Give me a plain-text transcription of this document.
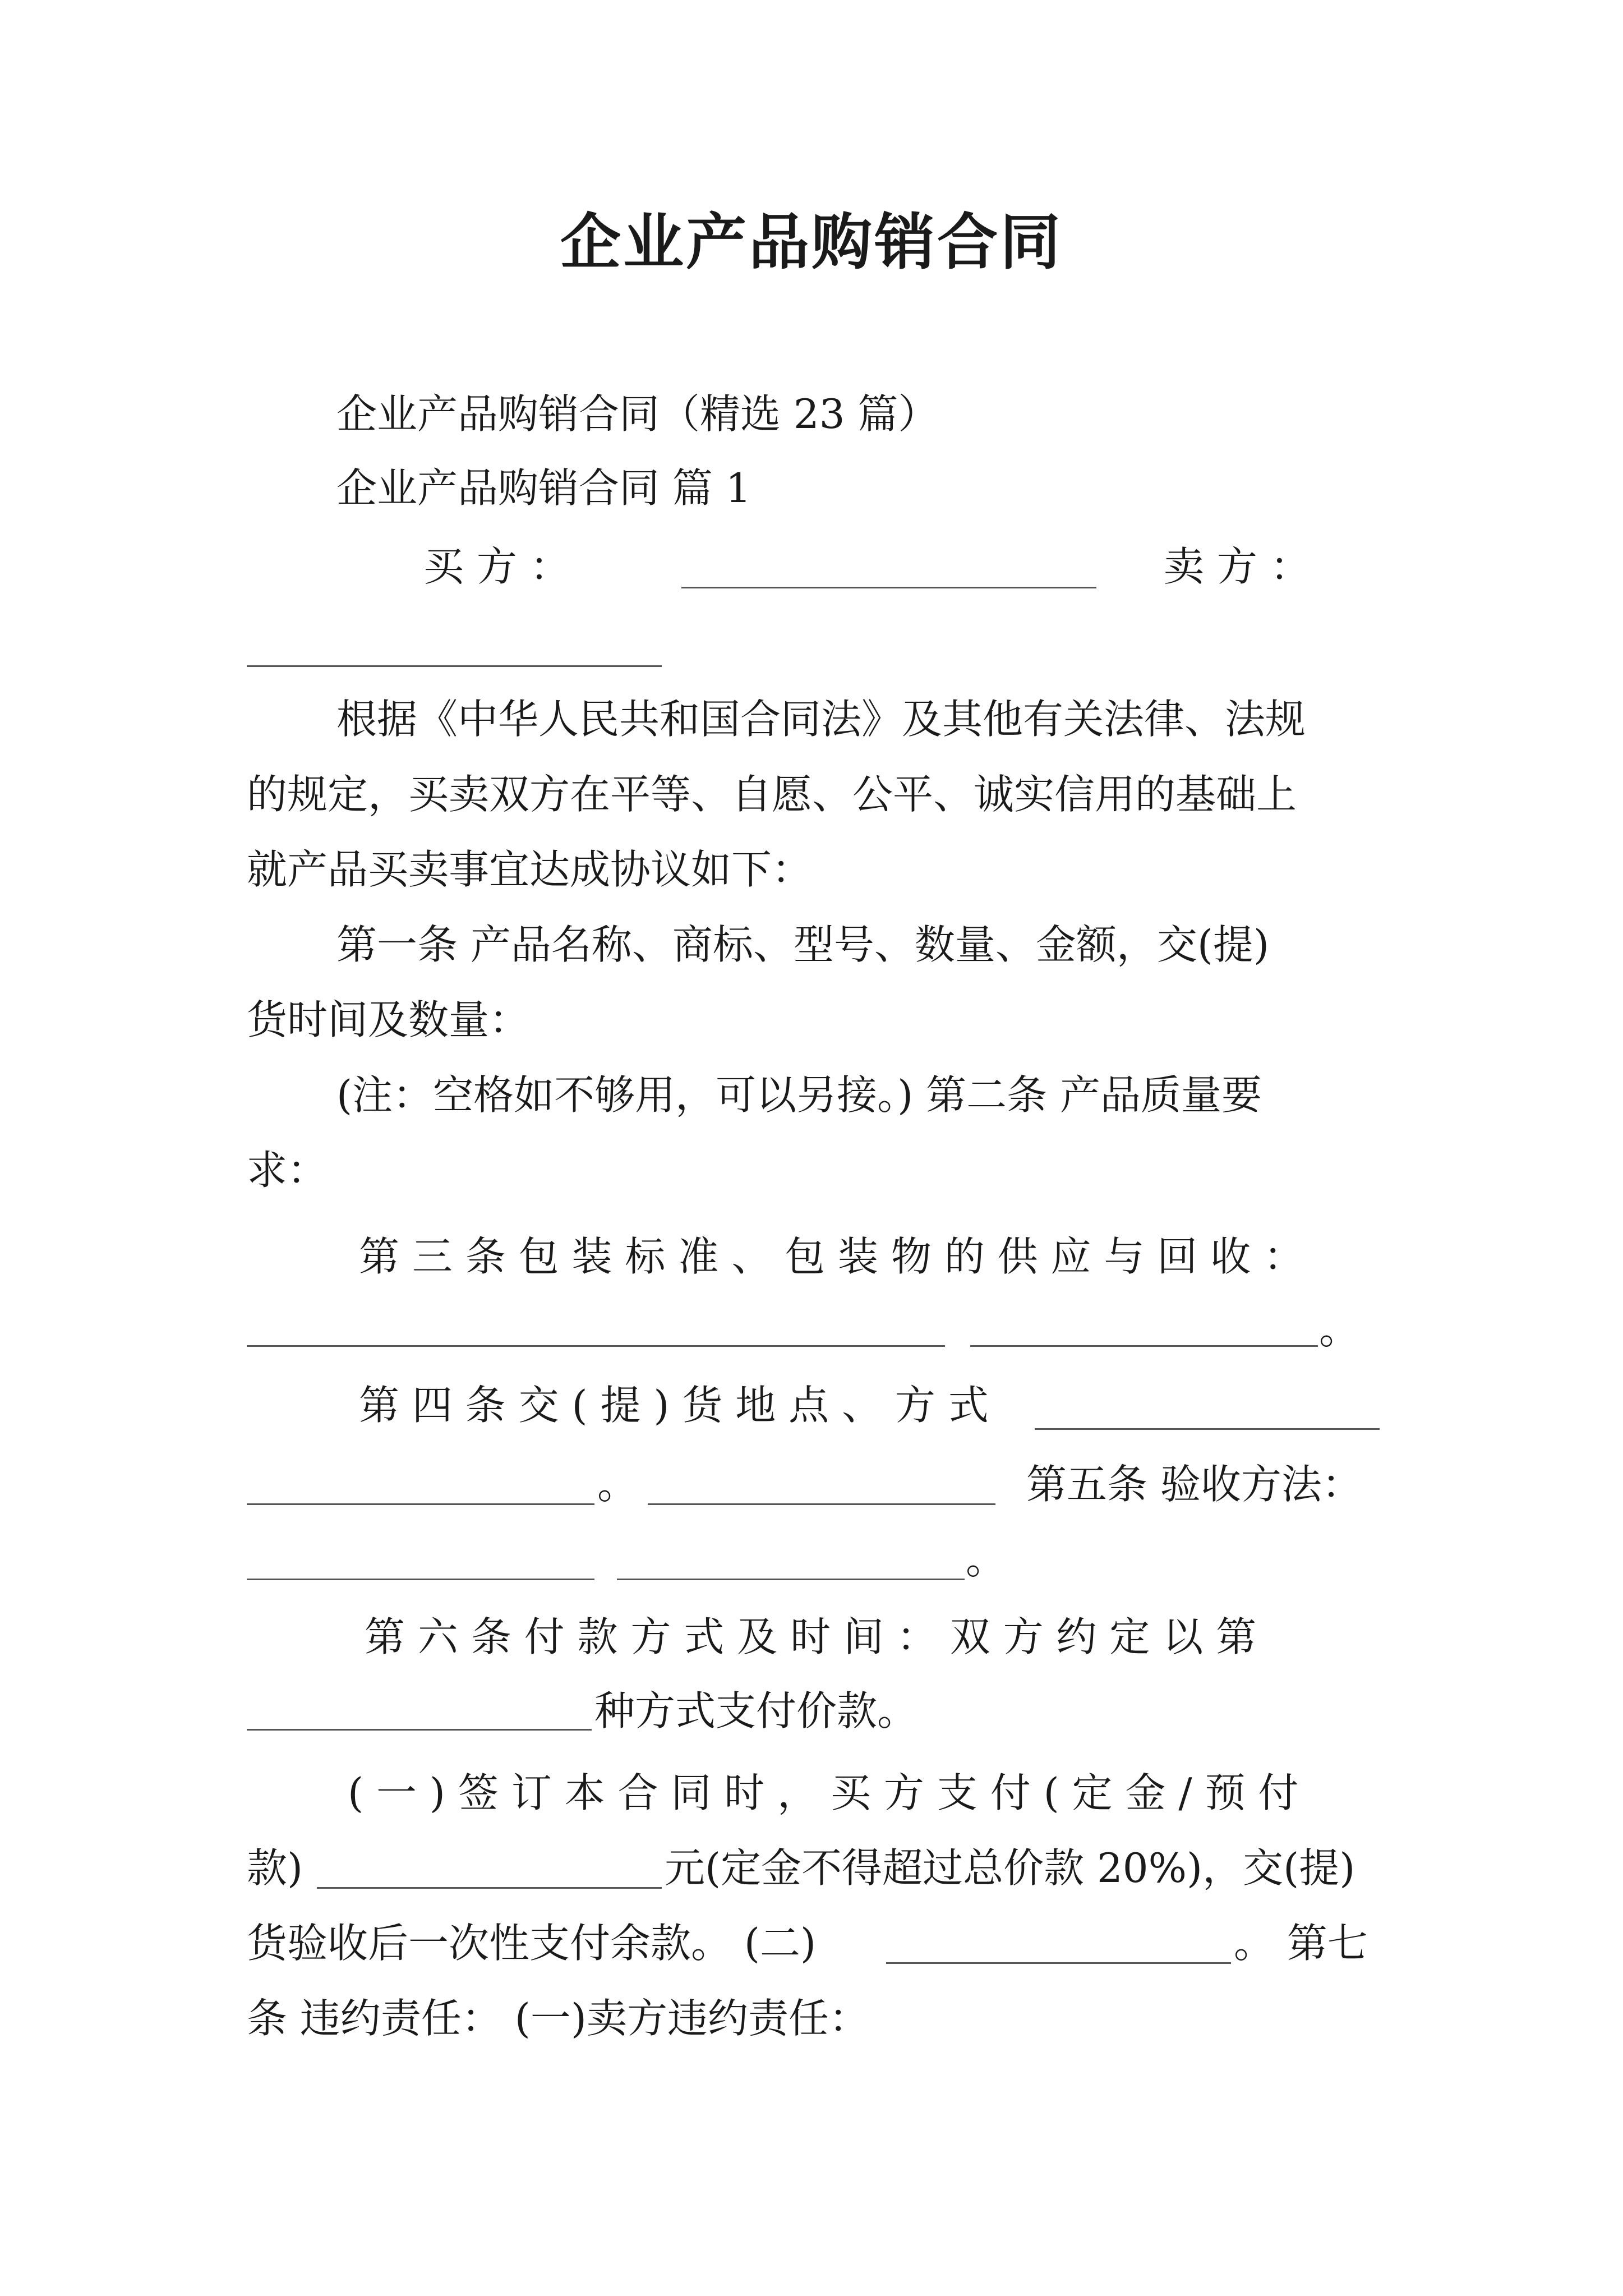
企业产品购销合同
企业产品购销合同（精选 23 篇）
企业产品购销合同 篇 1
买 方 ：	卖 方 ：
根据《中华人民共和国合同法》及其他有关法律、法规
的规定，买卖双方在平等、自愿、公平、诚实信用的基础上
就产品买卖事宜达成协议如下：
第一条 产品名称、商标、型号、数量、金额，交(提)
货时间及数量：
(注：空格如不够用，可以另接。) 第二条 产品质量要
求：
第 三 条 包 装 标 准 、 包 装 物 的 供 应 与 回 收 ：
。
第 四 条 交 ( 提 ) 货 地 点 、 方 式
。	第五条 验收方法：
。
第 六 条 付 款 方 式 及 时 间 ： 双 方 约 定 以 第
种方式支付价款。
( 一 ) 签 订 本 合 同 时 ， 买 方 支 付 ( 定 金 / 预 付
款)	元(定金不得超过总价款 20%)，交(提)
货验收后一次性支付余款。 (二)	。 第七
条 违约责任： (一)卖方违约责任：
